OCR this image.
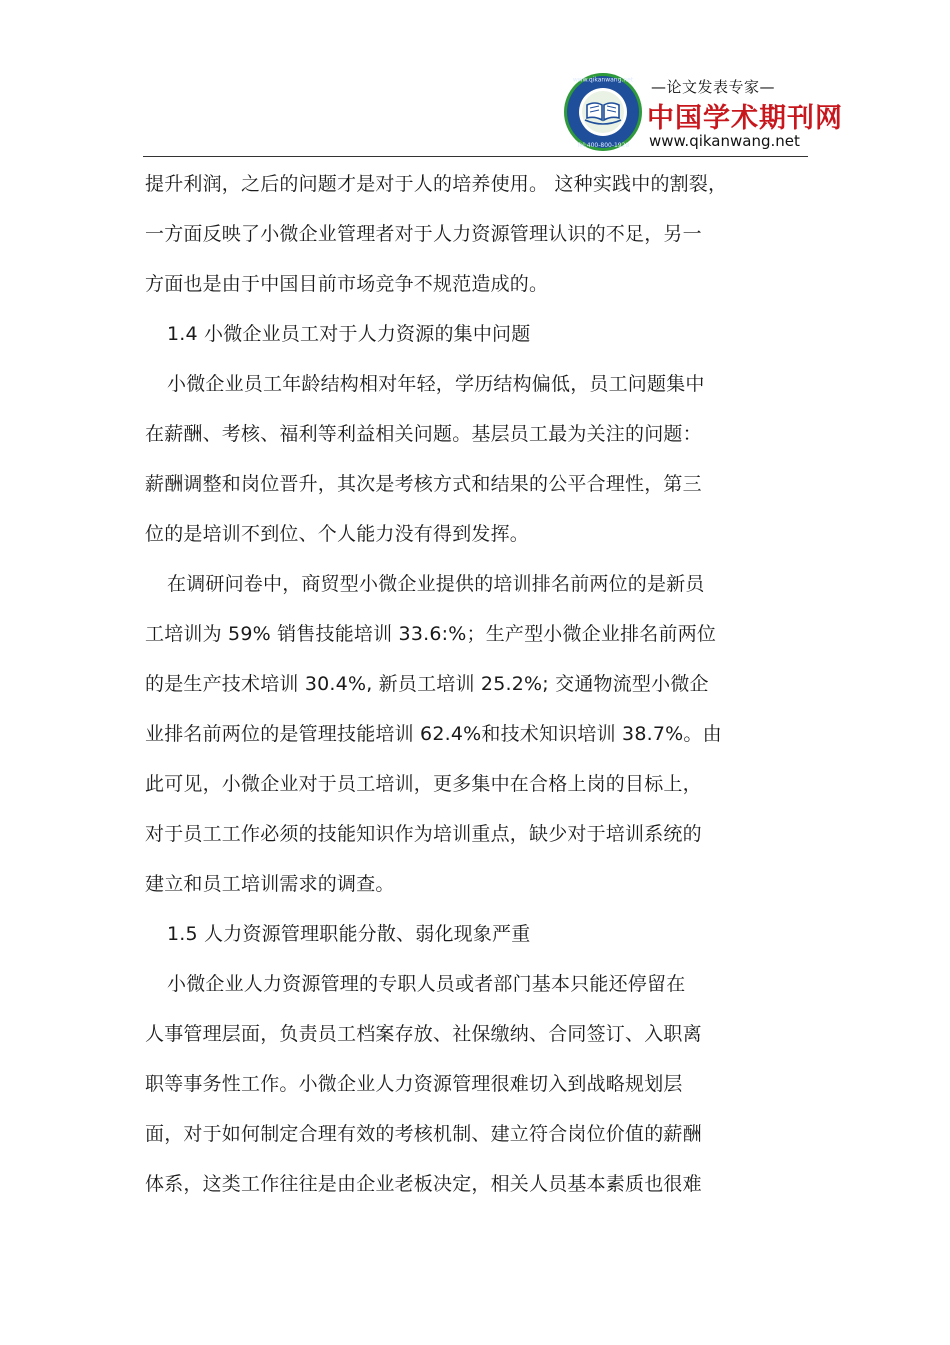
www.qikanwang.net
Tel:400-800-1928
—论文发表专家—
中国学术期刊网
www.qikanwang.net
提升利润，之后的问题才是对于人的培养使用。 这种实践中的割裂，
一方面反映了小微企业管理者对于人力资源管理认识的不足，另一
方面也是由于中国目前市场竞争不规范造成的。
1.4 小微企业员工对于人力资源的集中问题
小微企业员工年龄结构相对年轻，学历结构偏低，员工问题集中
在薪酬、考核、福利等利益相关问题。基层员工最为关注的问题：
薪酬调整和岗位晋升，其次是考核方式和结果的公平合理性，第三
位的是培训不到位、个人能力没有得到发挥。
在调研问卷中，商贸型小微企业提供的培训排名前两位的是新员
工培训为 59% 销售技能培训 33.6:%；生产型小微企业排名前两位
的是生产技术培训 30.4%, 新员工培训 25.2%; 交通物流型小微企
业排名前两位的是管理技能培训 62.4%和技术知识培训 38.7%。由
此可见，小微企业对于员工培训，更多集中在合格上岗的目标上，
对于员工工作必须的技能知识作为培训重点，缺少对于培训系统的
建立和员工培训需求的调查。
1.5 人力资源管理职能分散、弱化现象严重
小微企业人力资源管理的专职人员或者部门基本只能还停留在
人事管理层面，负责员工档案存放、社保缴纳、合同签订、入职离
职等事务性工作。小微企业人力资源管理很难切入到战略规划层
面，对于如何制定合理有效的考核机制、建立符合岗位价值的薪酬
体系，这类工作往往是由企业老板决定，相关人员基本素质也很难
